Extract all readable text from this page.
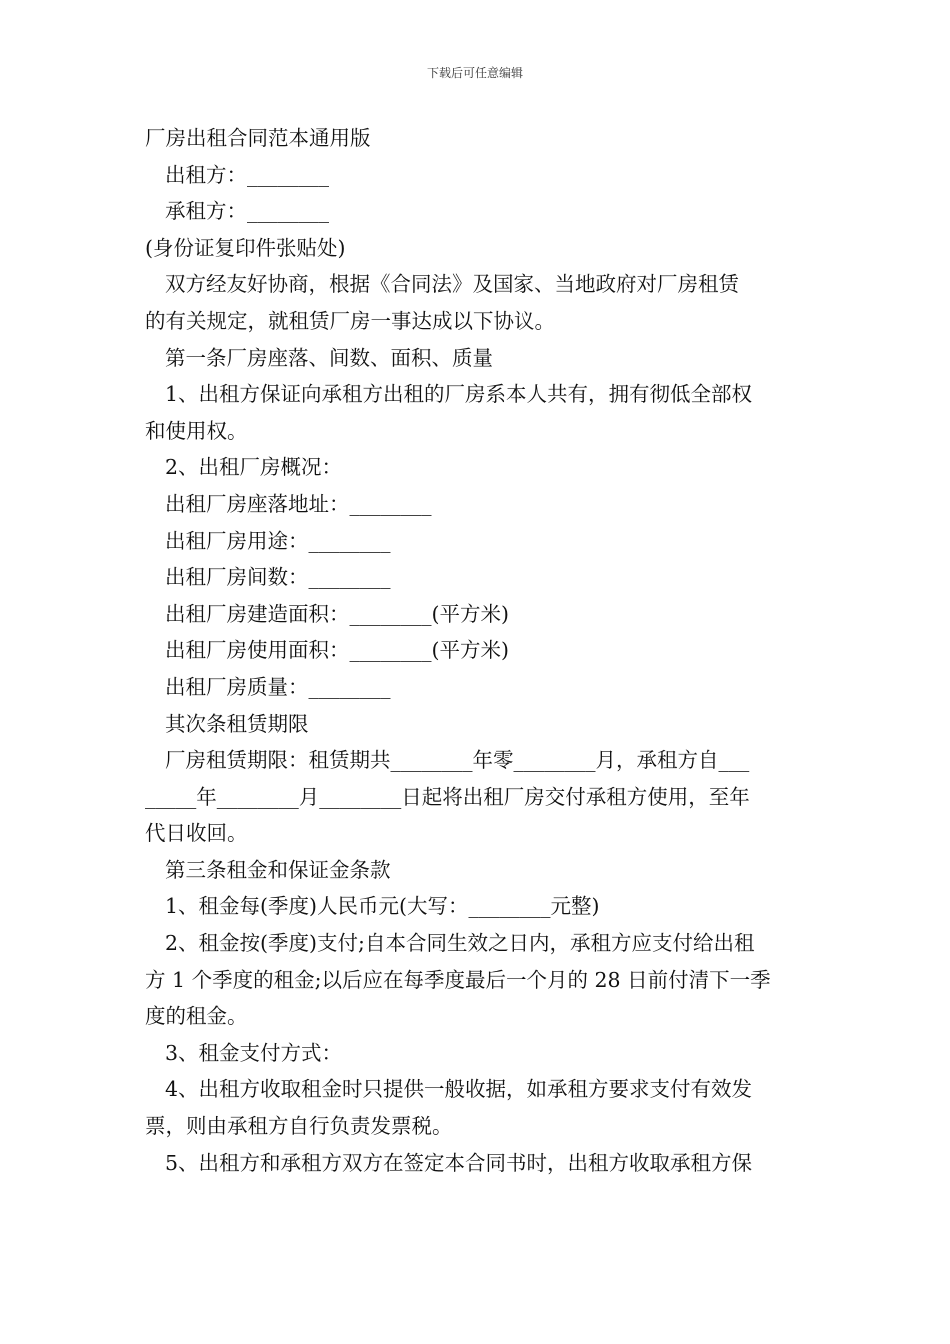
下载后可任意编辑
厂房出租合同范本通用版
出租方：________
承租方：________
(身份证复印件张贴处)
双方经友好协商，根据《合同法》及国家、当地政府对厂房租赁
的有关规定，就租赁厂房一事达成以下协议。
第一条厂房座落、间数、面积、质量
1、出租方保证向承租方出租的厂房系本人共有，拥有彻低全部权
和使用权。
2、出租厂房概况：
出租厂房座落地址：________
出租厂房用途：________
出租厂房间数：________
出租厂房建造面积：________(平方米)
出租厂房使用面积：________(平方米)
出租厂房质量：________
其次条租赁期限
厂房租赁期限：租赁期共________年零________月，承租方自___
_____年________月________日起将出租厂房交付承租方使用，至年
代日收回。
第三条租金和保证金条款
1、租金每(季度)人民币元(大写：________元整)
2、租金按(季度)支付;自本合同生效之日内，承租方应支付给出租
方 1 个季度的租金;以后应在每季度最后一个月的 28 日前付清下一季
度的租金。
3、租金支付方式：
4、出租方收取租金时只提供一般收据，如承租方要求支付有效发
票，则由承租方自行负责发票税。
5、出租方和承租方双方在签定本合同书时，出租方收取承租方保
